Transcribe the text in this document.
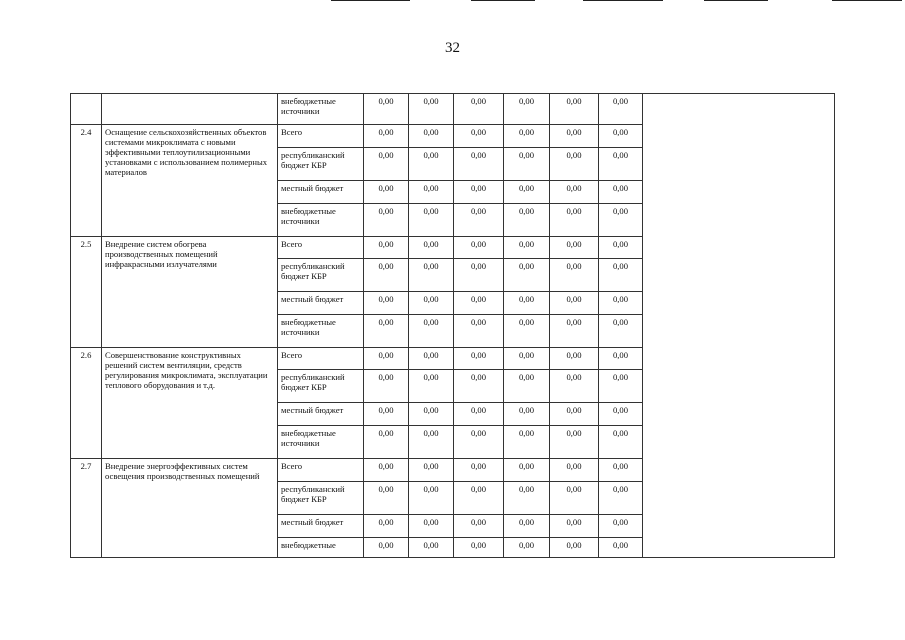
32
		внебюджетные источники	0,00	0,00	0,00	0,00	0,00	0,00	
2.4	Оснащение сельскохозяйственных объектов системами микроклимата с новыми эффективными теплоутилизационными установками с использованием полимерных материалов	Всего	0,00	0,00	0,00	0,00	0,00	0,00	
		республиканский бюджет КБР	0,00	0,00	0,00	0,00	0,00	0,00	
		местный бюджет	0,00	0,00	0,00	0,00	0,00	0,00	
		внебюджетные источники	0,00	0,00	0,00	0,00	0,00	0,00	
2.5	Внедрение систем обогрева производственных помещений инфракрасными излучателями	Всего	0,00	0,00	0,00	0,00	0,00	0,00	
		республиканский бюджет КБР	0,00	0,00	0,00	0,00	0,00	0,00	
		местный бюджет	0,00	0,00	0,00	0,00	0,00	0,00	
		внебюджетные источники	0,00	0,00	0,00	0,00	0,00	0,00	
2.6	Совершенствование конструктивных решений систем вентиляции, средств регулирования микроклимата, эксплуатации теплового оборудования и т.д.	Всего	0,00	0,00	0,00	0,00	0,00	0,00	
		республиканский бюджет КБР	0,00	0,00	0,00	0,00	0,00	0,00	
		местный бюджет	0,00	0,00	0,00	0,00	0,00	0,00	
		внебюджетные источники	0,00	0,00	0,00	0,00	0,00	0,00	
2.7	Внедрение энергоэффективных систем освещения производственных помещений	Всего	0,00	0,00	0,00	0,00	0,00	0,00	
		республиканский бюджет КБР	0,00	0,00	0,00	0,00	0,00	0,00	
		местный бюджет	0,00	0,00	0,00	0,00	0,00	0,00	
		внебюджетные	0,00	0,00	0,00	0,00	0,00	0,00	
